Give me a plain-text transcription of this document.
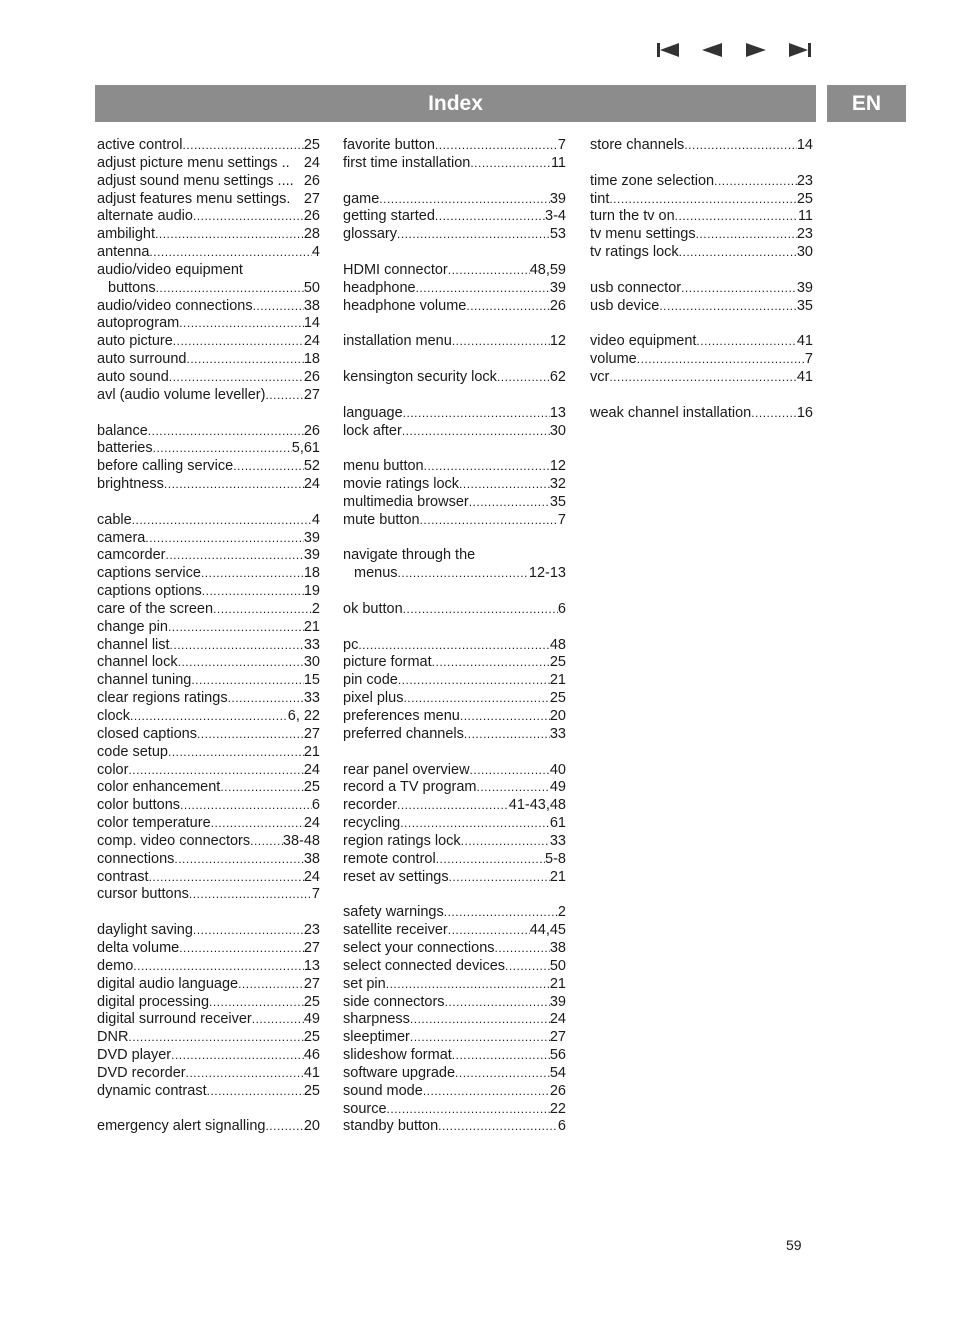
Index	EN
active control .....	25
adjust picture menu settings .. 24
adjust sound menu settings .... 26
adjust features menu settings. 27
alternate audio .....	26
ambilight .....	28
antenna .....	4
audio/video equipment
buttons .....	50
audio/video connections .....	38
autoprogram .....	14
auto picture .....	24
auto surround .....	18
auto sound .....	26
avl (audio volume leveller) .....	27
balance .....	26
batteries .....	5,61
before calling service .....	52
brightness .....	24
cable .....	4
camera .....	39
camcorder .....	39
captions service .....	18
captions options .....	19
care of the screen .....	2
change pin .....	21
channel list .....	33
channel lock .....	30
channel tuning .....	15
clear regions ratings .....	33
clock .....	6, 22
closed captions .....	27
code setup .....	21
color .....	24
color enhancement .....	25
color buttons .....	6
color temperature .....	24
comp. video connectors ..... 38-48
connections .....	38
contrast .....	24
cursor buttons .....	7
daylight saving .....	23
delta volume .....	27
demo .....	13
digital audio language .....	27
digital processing .....	25
digital surround receiver .....	49
DNR .....	25
DVD player .....	46
DVD recorder .....	41
dynamic contrast .....	25
emergency alert signalling .....	20
favorite button .....	7
first time installation .....	11
game .....	39
getting started .....	3-4
glossary .....	53
HDMI connector .....	48,59
headphone .....	39
headphone volume .....	26
installation menu .....	12
kensington security lock .....	62
language .....	13
lock after .....	30
menu button .....	12
movie ratings lock .....	32
multimedia browser .....	35
mute button .....	7
navigate through the
menus .....	12-13
ok button .....	6
pc .....	48
picture format .....	25
pin code .....	21
pixel plus .....	25
preferences menu .....	20
preferred channels .....	33
rear panel overview .....	40
record a TV program .....	49
recorder .....	41-43,48
recycling .....	61
region ratings lock .....	33
remote control .....	5-8
reset av settings .....	21
safety warnings .....	2
satellite receiver .....	44,45
select your connections .....	38
select connected devices .....	50
set pin .....	21
side connectors .....	39
sharpness .....	24
sleeptimer .....	27
slideshow format .....	56
software upgrade .....	54
sound mode .....	26
source .....	22
standby button .....	6
store channels .....	14
time zone selection .....	23
tint .....	25
turn the tv on .....	11
tv menu settings .....	23
tv ratings lock .....	30
usb connector .....	39
usb device .....	35
video equipment .....	41
volume .....	7
vcr .....	41
weak channel installation .....	16
59
